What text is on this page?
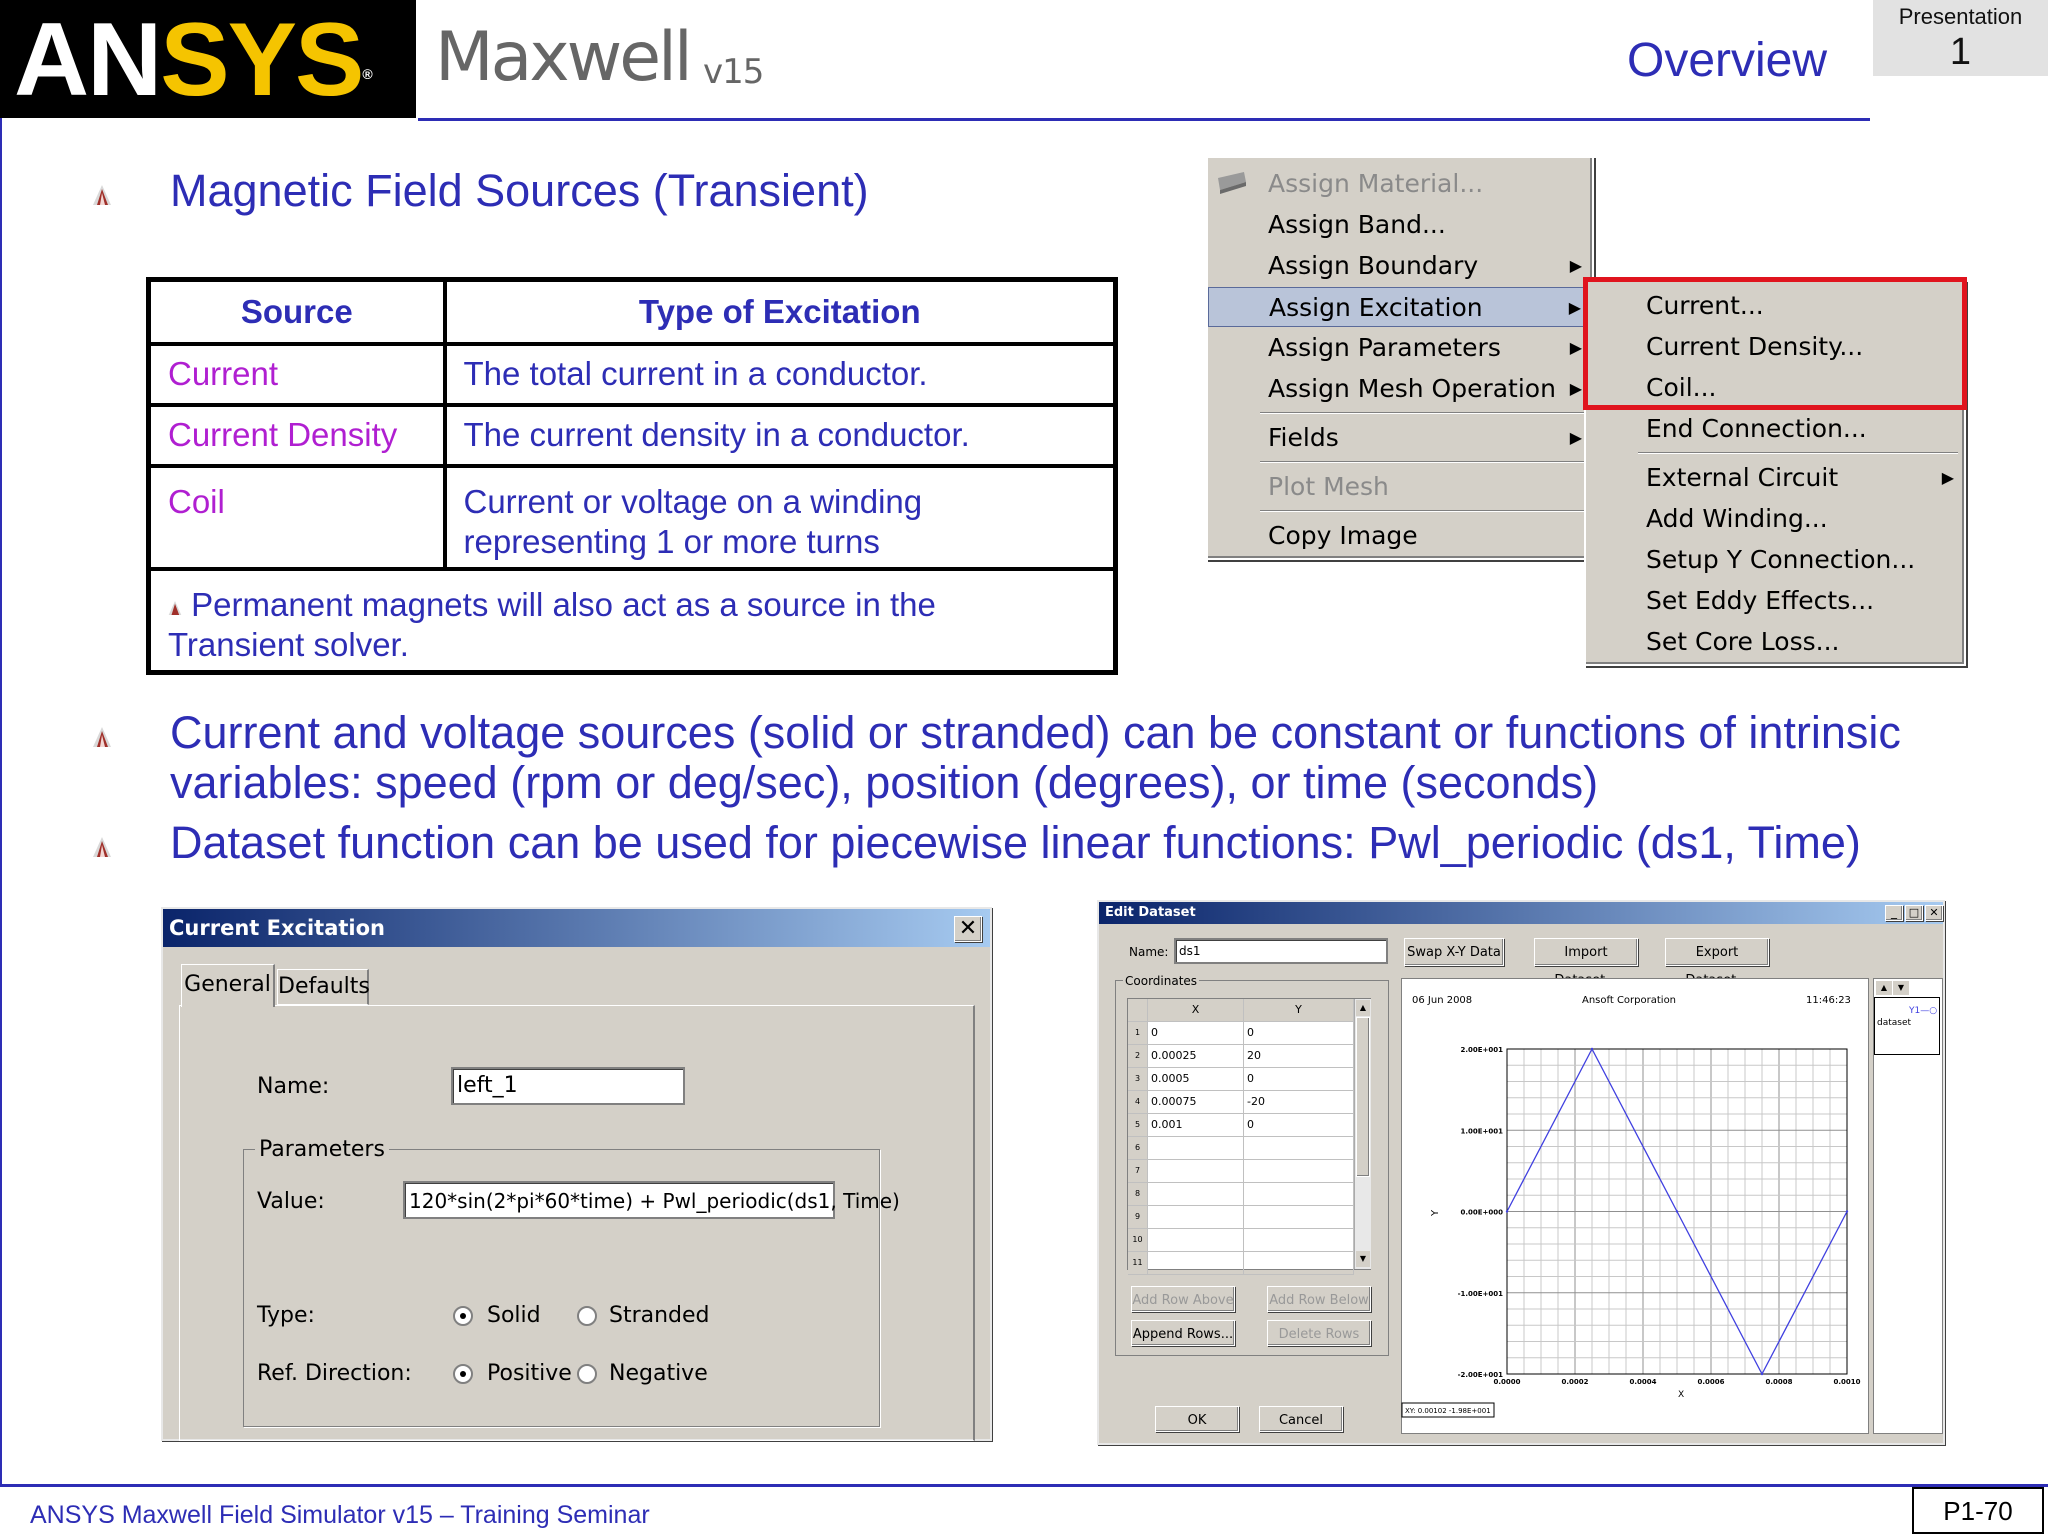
ANSYS® Maxwell v15	Overview
Presentation
1
Magnetic Field Sources (Transient)
Source	Type of Excitation
Current	The total current in a conductor.
Current Density	The current density in a conductor.
Coil	Current or voltage on a winding representing 1 or more turns
Permanent magnets will also act as a source in the Transient solver.	
Assign Material...
Assign Band...
Assign Boundary	▶
Assign Excitation	▶
Assign Parameters	▶
Assign Mesh Operation ▶
Fields	▶
Plot Mesh
Copy Image
Current...
Current Density...
Coil...
End Connection...
External Circuit	▶
Add Winding...
Setup Y Connection...
Set Eddy Effects...
Set Core Loss...
Current and voltage sources (solid or stranded) can be constant or functions of intrinsic variables: speed (rpm or deg/sec), position (degrees), or time (seconds)
Dataset function can be used for piecewise linear functions: Pwl_periodic (ds1, Time)
Current Excitation	✕
General Defaults
Name:	left_1
Parameters
Value:	120*sin(2*pi*60*time) + Pwl_periodic(ds1, Time)
Type:	Solid	Stranded
Ref. Direction:	Positive Negative
Edit Dataset	_	□ ✕
Name: ds1	Swap X-Y Data	Import	Export
Coordinates
X	Y
1 0	0
2 0.00025	20
3 0.0005	0
4 0.00075	-20
5 0.001	0
6
7
8
9
10
11
▲
▼
Add Row Above	Add Row Below
Append Rows...	Delete Rows
OK	Cancel
0.0000	0.0002	0.0004	0.0006	0.0008	0.0010
2.00E+001
1.00E+001
0.00E+000
-1.00E+001
-2.00E+001
06 Jun 2008	Ansoft Corporation	11:46:23
Y
X
XY: 0.00102 -1.98E+001
▲	▼
Y1—○
dataset
ANSYS Maxwell Field Simulator v15 – Training Seminar	P1-70
